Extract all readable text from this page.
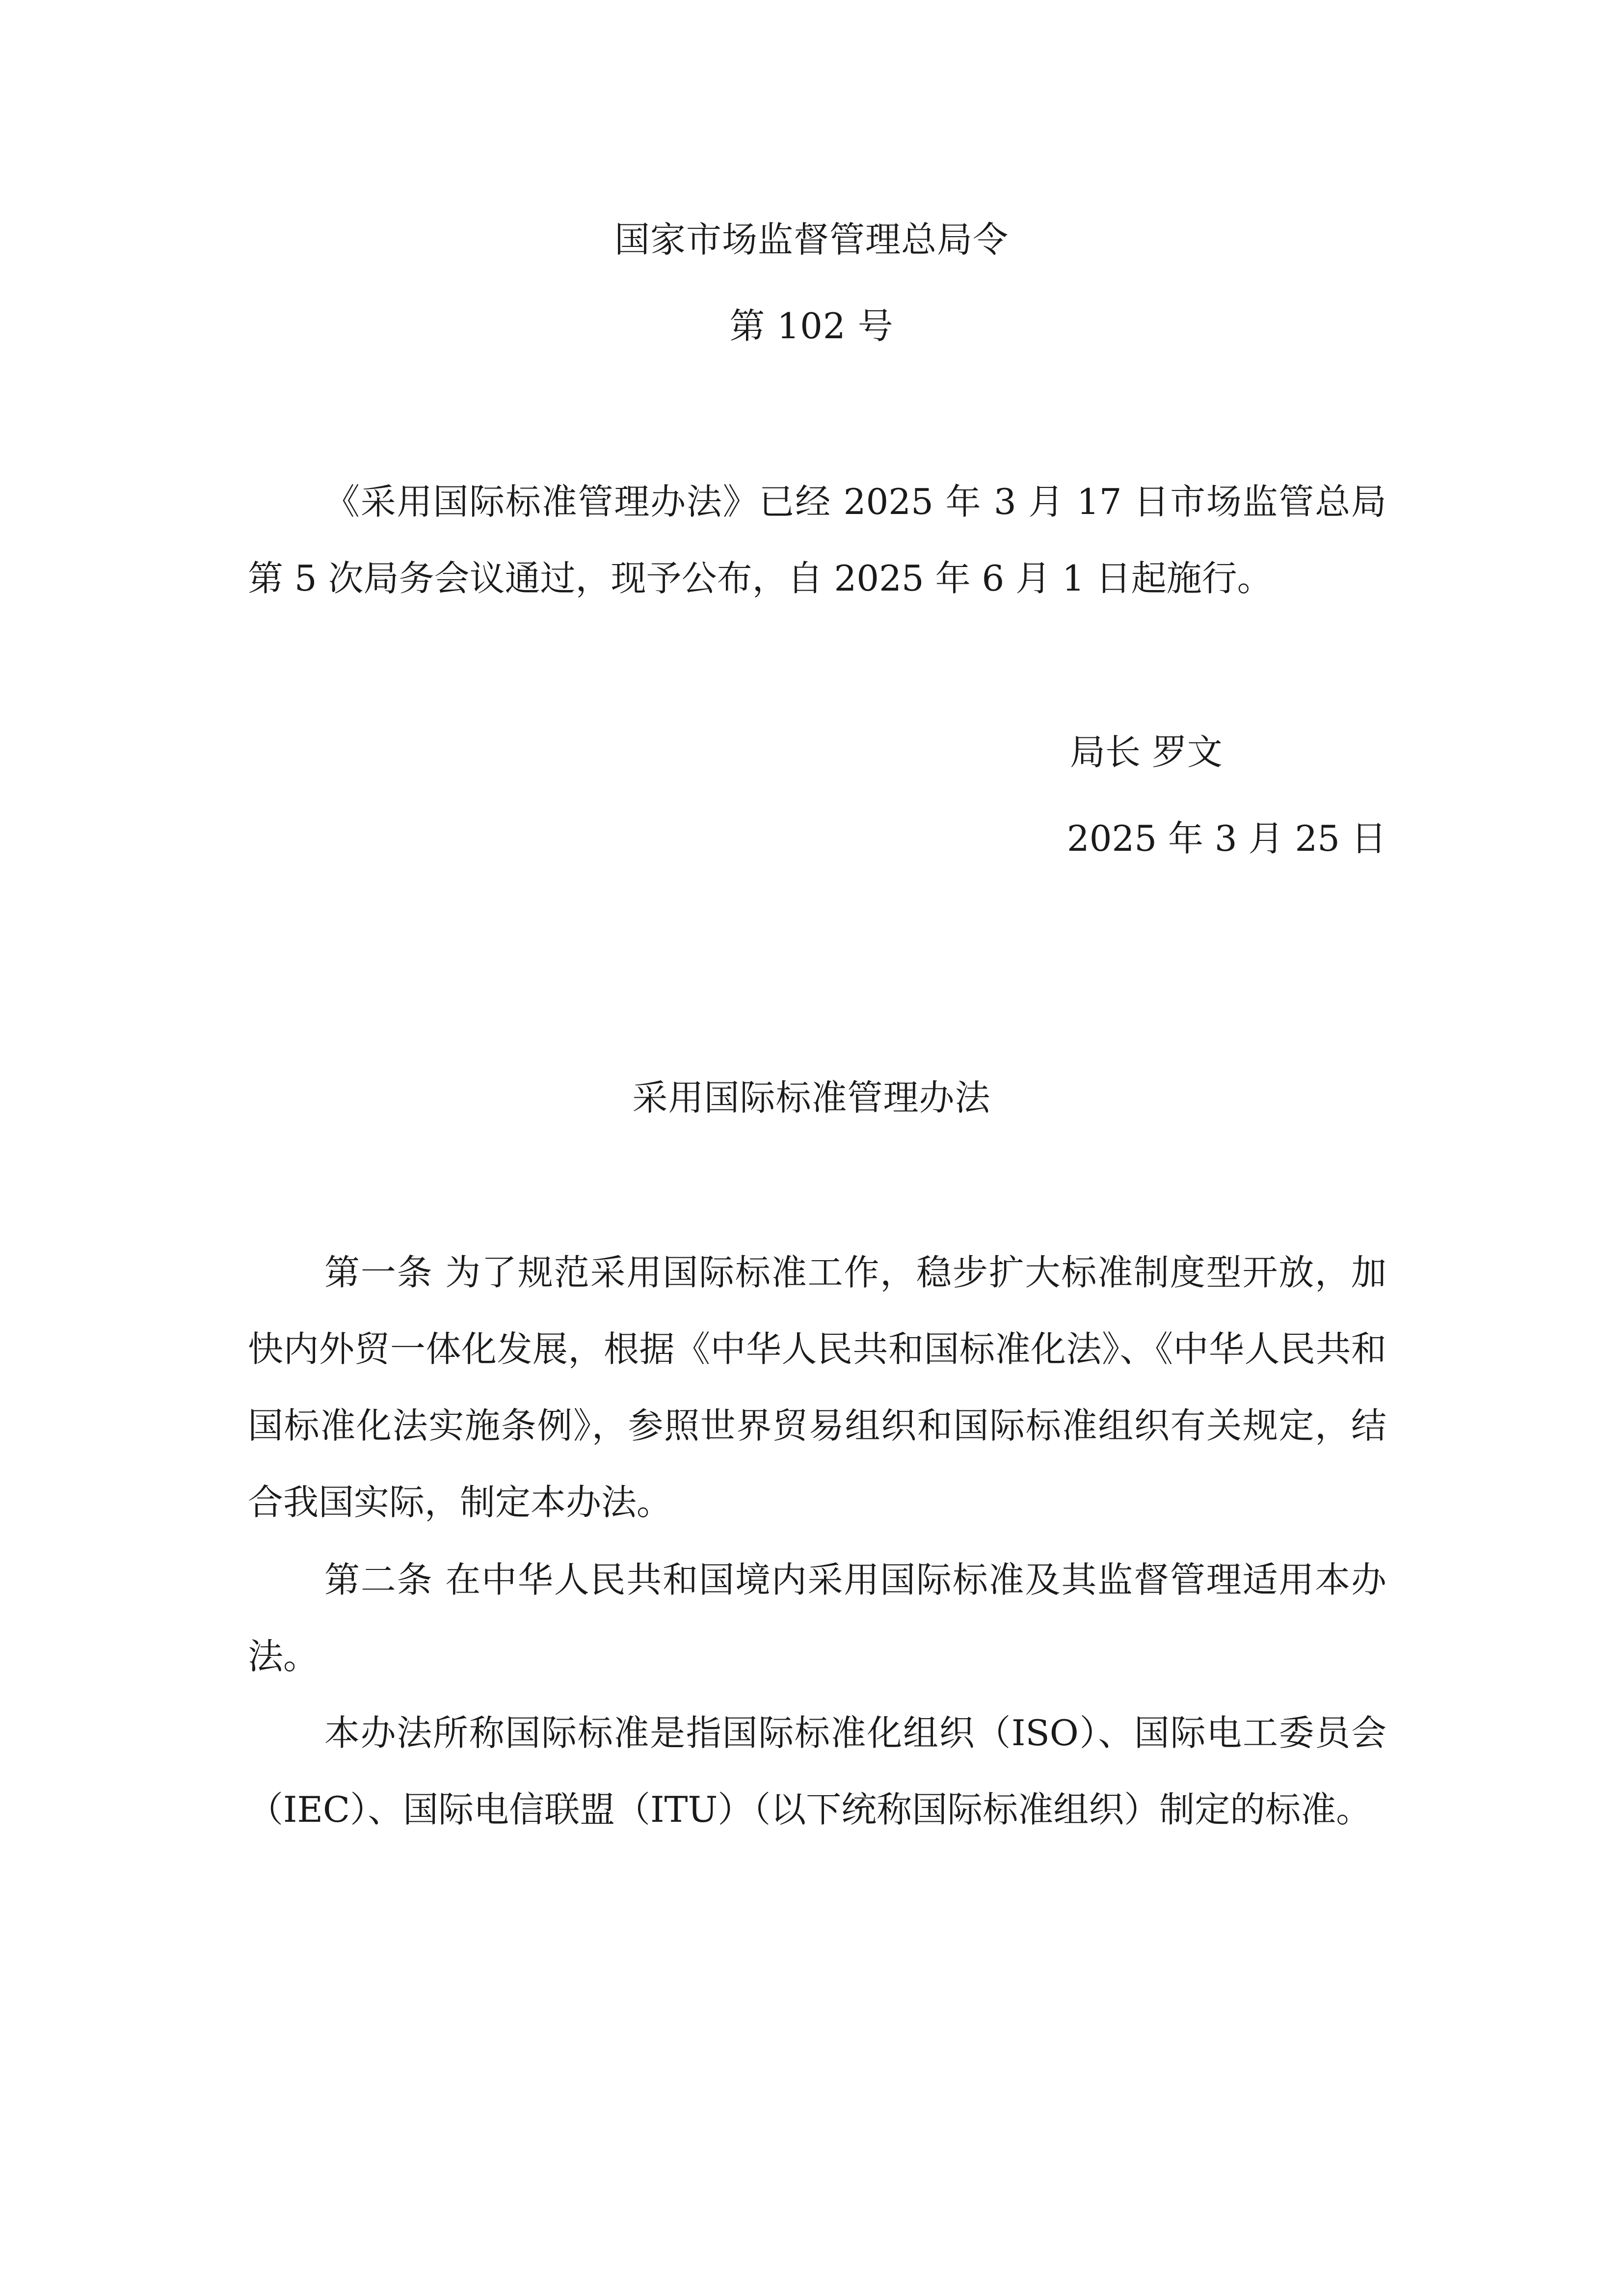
国家市场监督管理总局令
第 102 号

《采用国际标准管理办法》已经 2025 年 3 月 17 日市场监管总局第 5 次局务会议通过，现予公布，自 2025 年 6 月 1 日起施行。

局长 罗文
2025 年 3 月 25 日
采用国际标准管理办法

第一条 为了规范采用国际标准工作，稳步扩大标准制度型开放，加快内外贸一体化发展，根据《中华人民共和国标准化法》、《中华人民共和国标准化法实施条例》，参照世界贸易组织和国际标准组织有关规定，结合我国实际，制定本办法。

第二条 在中华人民共和国境内采用国际标准及其监督管理适用本办法。

本办法所称国际标准是指国际标准化组织（ISO）、国际电工委员会（IEC）、国际电信联盟（ITU）（以下统称国际标准组织）制定的标准。
